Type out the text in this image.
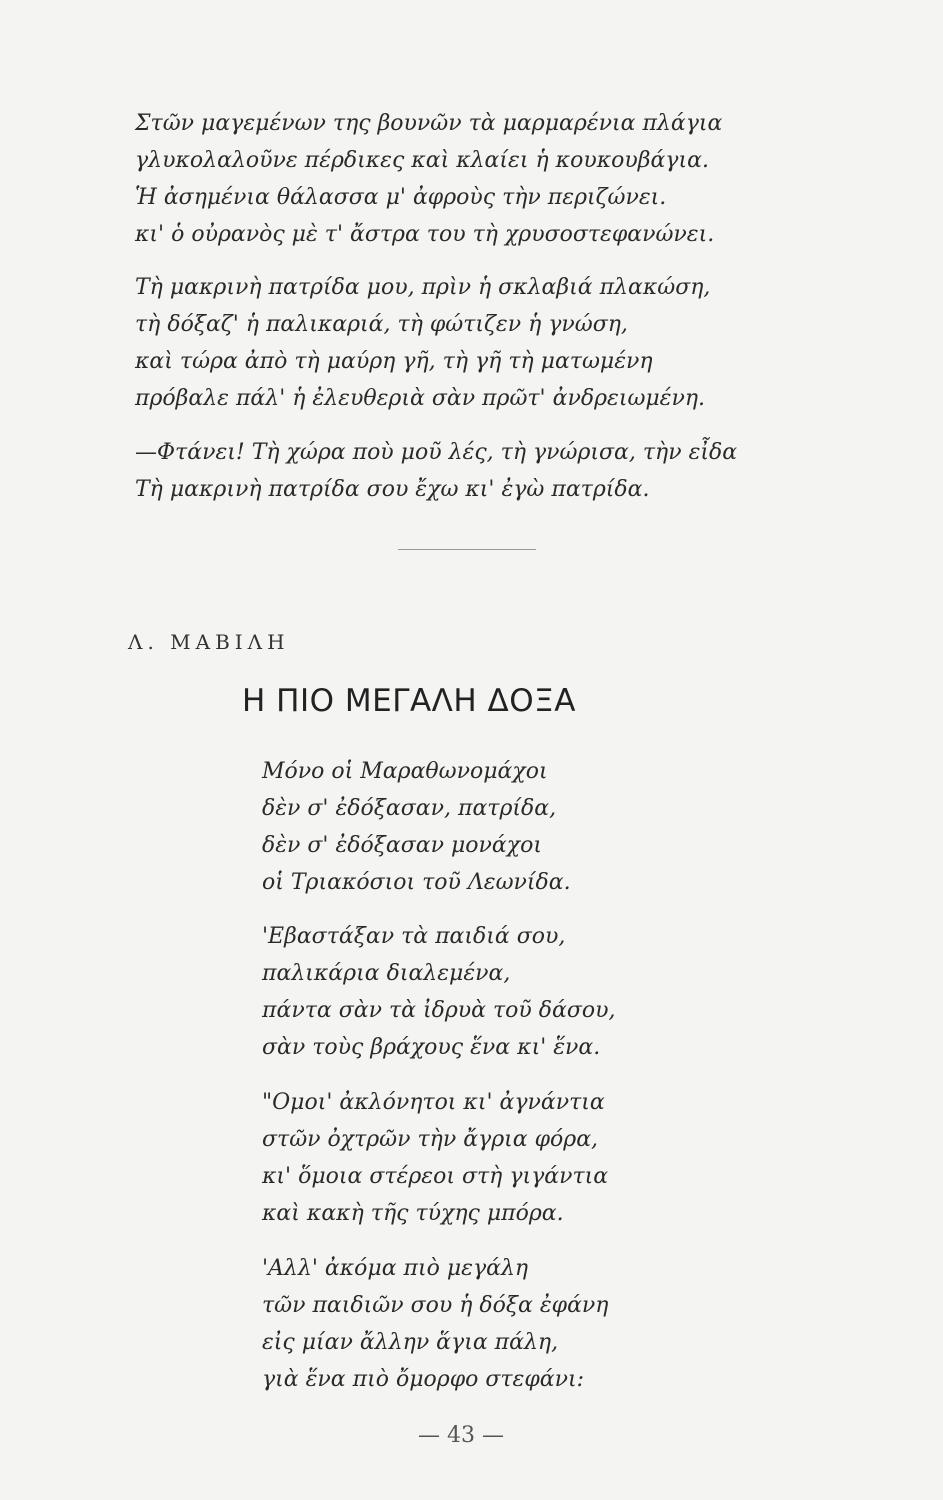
Στῶν μαγεμένων της βουνῶν τὰ μαρμαρένια πλάγια
γλυκολαλοῦνε πέρδικες καὶ κλαίει ἡ κουκουβάγια.
Ἡ ἀσημένια θάλασσα μ' ἀφροὺς τὴν περιζώνει.
κι' ὁ οὐρανὸς μὲ τ' ἄστρα του τὴ χρυσοστεφανώνει.
Τὴ μακρινὴ πατρίδα μου, πρὶν ἡ σκλαβιά πλακώση,
τὴ δόξαζ' ἡ παλικαριά, τὴ φώτιζεν ἡ γνώση,
καὶ τώρα ἀπὸ τὴ μαύρη γῆ, τὴ γῆ τὴ ματωμένη
πρόβαλε πάλ' ἡ ἐλευθεριὰ σὰν πρῶτ' ἀνδρειωμένη.
—Φτάνει! Τὴ χώρα ποὺ μοῦ λές, τὴ γνώρισα, τὴν εἶδα
Τὴ μακρινὴ πατρίδα σου ἔχω κι' ἐγὼ πατρίδα.
Λ. ΜΑΒΙΛΗ
Η ΠΙΟ ΜΕΓΑΛΗ ΔΟΞΑ
Μόνο οἱ Μαραθωνομάχοι
δὲν σ' ἐδόξασαν, πατρίδα,
δὲν σ' ἐδόξασαν μονάχοι
οἱ Τριακόσιοι τοῦ Λεωνίδα.
'Εβαστάξαν τὰ παιδιά σου,
παλικάρια διαλεμένα,
πάντα σὰν τὰ ἰδρυὰ τοῦ δάσου,
σὰν τοὺς βράχους ἕνα κι' ἕνα.
"Ομοι' ἀκλόνητοι κι' ἀγνάντια
στῶν ὀχτρῶν τὴν ἄγρια φόρα,
κι' ὅμοια στέρεοι στὴ γιγάντια
καὶ κακὴ τῆς τύχης μπόρα.
'Αλλ' ἀκόμα πιὸ μεγάλη
τῶν παιδιῶν σου ἡ δόξα ἐφάνη
εἰς μίαν ἄλλην ἅγια πάλη,
γιὰ ἕνα πιὸ ὄμορφο στεφάνι:
— 43 —
